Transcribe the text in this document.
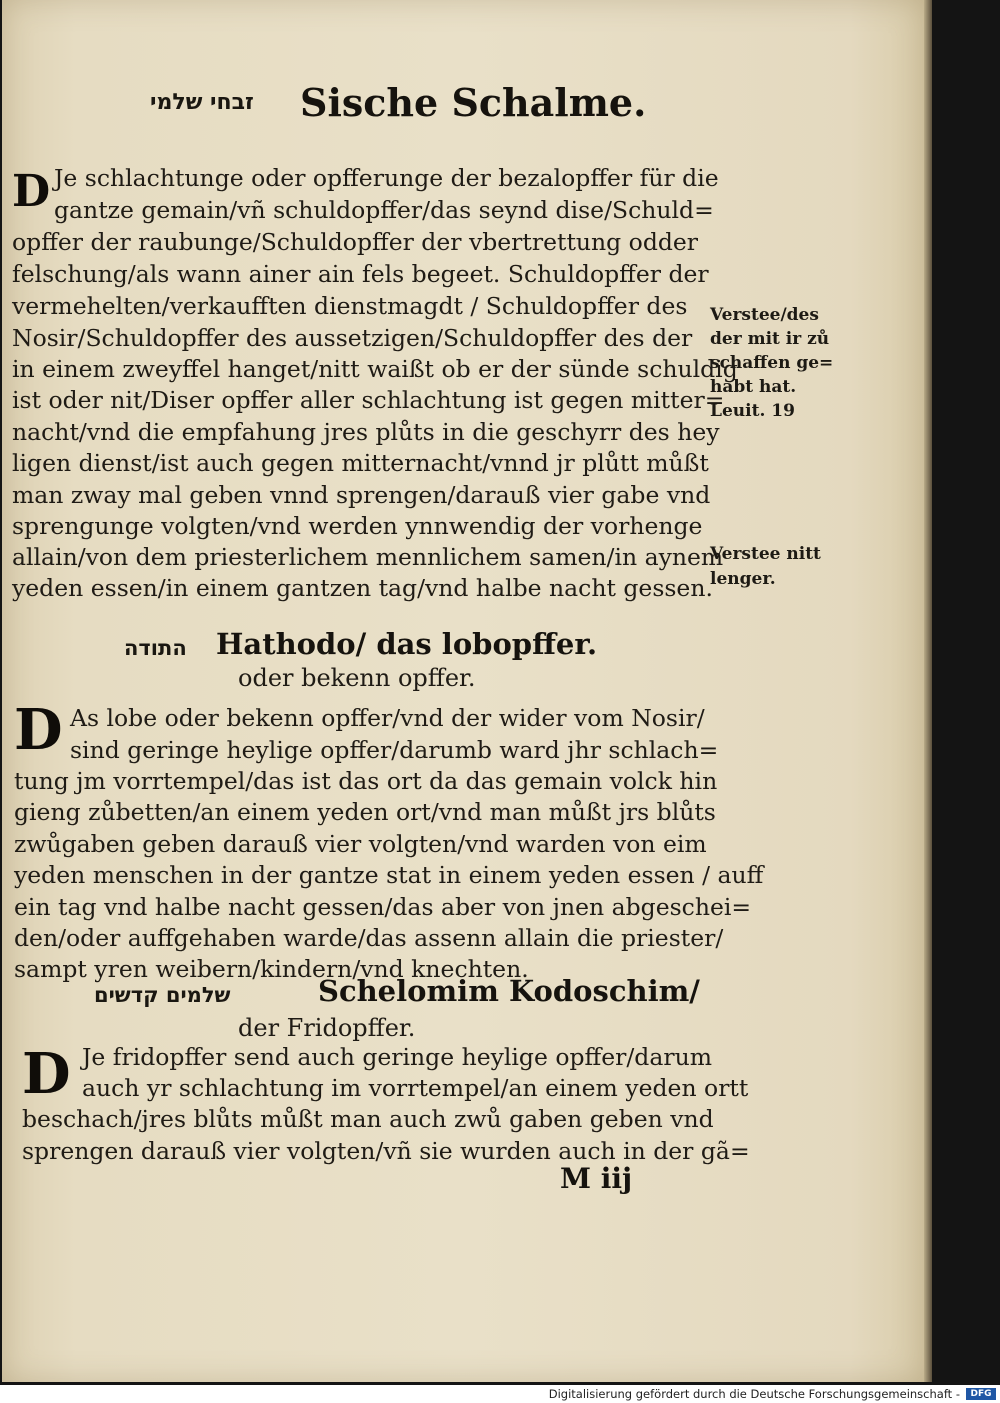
זבחי שלמי Sische Schalme.
D Je schlachtunge oder opfferunge der bezalopffer für die
gantze gemain/vñ schuldopffer/das seynd dise/Schuld=
opffer der raubunge/Schuldopffer der vbertrettung odder
felschung/als wann ainer ain fels begeet. Schuldopffer der
vermehelten/verkaufften dienstmagdt / Schuldopffer des
Nosir/Schuldopffer des aussetzigen/Schuldopffer des der
in einem zweyffel hanget/nitt waißt ob er der sünde schuldig
ist oder nit/Diser opffer aller schlachtung ist gegen mitter=
nacht/vnd die empfahung jres plůts in die geschyrr des hey
ligen dienst/ist auch gegen mitternacht/vnnd jr plůtt můßt
man zway mal geben vnnd sprengen/darauß vier gabe vnd
sprengunge volgten/vnd werden ynnwendig der vorhenge
allain/von dem priesterlichem mennlichem samen/in aynem
yeden essen/in einem gantzen tag/vnd halbe nacht gessen.
Verstee/des
der mit ir zů
schaffen ge=
habt hat.
Leuit. 19
Verstee nitt
lenger.
התודה Hathodo/ das lobopffer.
oder bekenn opffer.
D As lobe oder bekenn opffer/vnd der wider vom Nosir/
sind geringe heylige opffer/darumb ward jhr schlach=
tung jm vorrtempel/das ist das ort da das gemain volck hin
gieng zůbetten/an einem yeden ort/vnd man můßt jrs blůts
zwůgaben geben darauß vier volgten/vnd warden von eim
yeden menschen in der gantze stat in einem yeden essen / auff
ein tag vnd halbe nacht gessen/das aber von jnen abgeschei=
den/oder auffgehaben warde/das assenn allain die priester/
sampt yren weibern/kindern/vnd knechten.
שלמים קדשים	Schelomim Kodoschim/
der Fridopffer.
D Je fridopffer send auch geringe heylige opffer/darum
auch yr schlachtung im vorrtempel/an einem yeden ortt
beschach/jres blůts můßt man auch zwů gaben geben vnd
sprengen darauß vier volgten/vñ sie wurden auch in der gã=
M iij
Digitalisierung gefördert durch die Deutsche Forschungsgemeinschaft -	DFG
